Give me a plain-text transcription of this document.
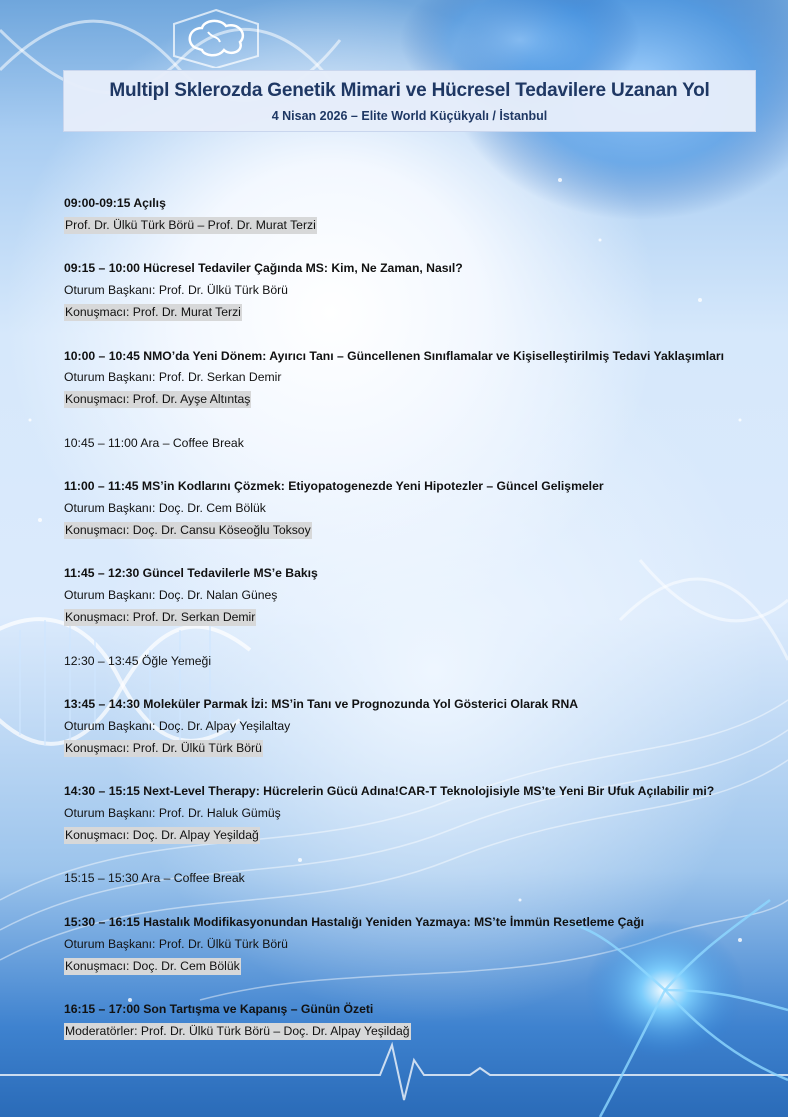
Multipl Sklerozda Genetik Mimari ve Hücresel Tedavilere Uzanan Yol
4 Nisan 2026 – Elite World Küçükyalı / İstanbul
09:00-09:15 Açılış
Prof. Dr. Ülkü Türk Börü – Prof. Dr. Murat Terzi
09:15 – 10:00 Hücresel Tedaviler Çağında MS: Kim, Ne Zaman, Nasıl?
Oturum Başkanı: Prof. Dr. Ülkü Türk Börü
Konuşmacı: Prof. Dr. Murat Terzi
10:00 – 10:45 NMO’da Yeni Dönem: Ayırıcı Tanı – Güncellenen Sınıflamalar ve Kişiselleştirilmiş Tedavi Yaklaşımları
Oturum Başkanı: Prof. Dr. Serkan Demir
Konuşmacı: Prof. Dr. Ayşe Altıntaş
10:45 – 11:00 Ara – Coffee Break
11:00 – 11:45 MS’in Kodlarını Çözmek: Etiyopatogenezde Yeni Hipotezler – Güncel Gelişmeler
Oturum Başkanı: Doç. Dr. Cem Bölük
Konuşmacı: Doç. Dr. Cansu Köseoğlu Toksoy
11:45 – 12:30 Güncel Tedavilerle MS’e Bakış
Oturum Başkanı: Doç. Dr. Nalan Güneş
Konuşmacı: Prof. Dr. Serkan Demir
12:30 – 13:45 Öğle Yemeği
13:45 – 14:30 Moleküler Parmak İzi: MS’in Tanı ve Prognozunda Yol Gösterici Olarak RNA
Oturum Başkanı: Doç. Dr. Alpay Yeşilaltay
Konuşmacı: Prof. Dr. Ülkü Türk Börü
14:30 – 15:15 Next-Level Therapy: Hücrelerin Gücü Adına!CAR-T Teknolojisiyle MS’te Yeni Bir Ufuk Açılabilir mi?
Oturum Başkanı: Prof. Dr. Haluk Gümüş
Konuşmacı: Doç. Dr. Alpay Yeşildağ
15:15 – 15:30 Ara – Coffee Break
15:30 – 16:15 Hastalık Modifikasyonundan Hastalığı Yeniden Yazmaya: MS’te İmmün Resetleme Çağı
Oturum Başkanı: Prof. Dr. Ülkü Türk Börü
Konuşmacı: Doç. Dr. Cem Bölük
16:15 – 17:00 Son Tartışma ve Kapanış – Günün Özeti
Moderatörler: Prof. Dr. Ülkü Türk Börü – Doç. Dr. Alpay Yeşildağ
